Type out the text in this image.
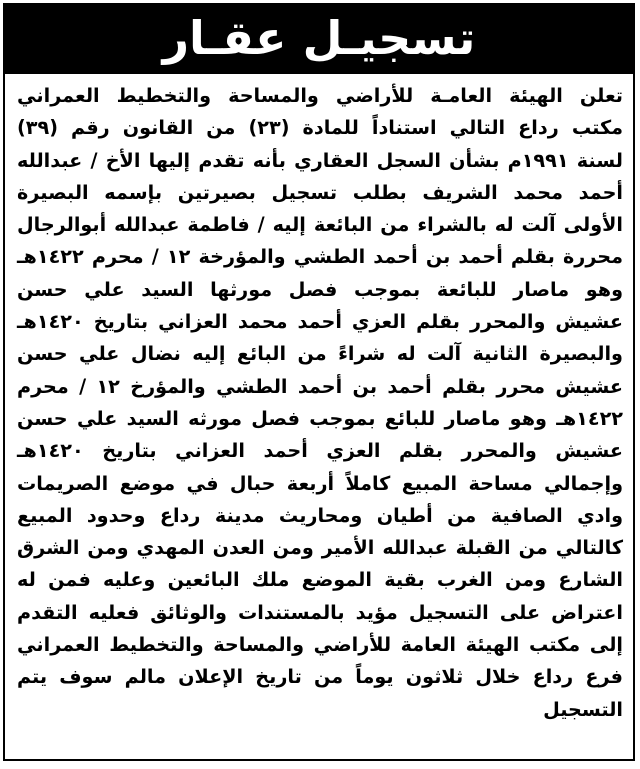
تسجيـل عقـار
تعلن الهيئة العامـة للأراضي والمساحة والتخطيط العمراني مكتب رداع التالي استناداً للمادة (٢٣) من القانون رقم (٣٩) لسنة ١٩٩١م بشأن السجل العقاري بأنه تقدم إليها الأخ / عبدالله أحمد محمد الشريف بطلب تسجيل بصيرتين بإسمه البصيرة الأولى آلت له بالشراء من البائعة إليه / فاطمة عبدالله أبوالرجال محررة بقلم أحمد بن أحمد الطشي والمؤرخة ١٢ / محرم ١٤٢٢هـ وهو ماصار للبائعة بموجب فصل مورثها السيد علي حسن عشيش والمحرر بقلم العزي أحمد محمد العزاني بتاريخ ١٤٢٠هـ والبصيرة الثانية آلت له شراءً من البائع إليه نضال علي حسن عشيش محرر بقلم أحمد بن أحمد الطشي والمؤرخ ١٢ / محرم ١٤٢٢هـ وهو ماصار للبائع بموجب فصل مورثه السيد علي حسن عشيش والمحرر بقلم العزي أحمد العزاني بتاريخ ١٤٢٠هـ وإجمالي مساحة المبيع كاملاً أربعة حبال في موضع الصريمات وادي الصافية من أطيان ومحاريث مدينة رداع وحدود المبيع كالتالي من القبلة عبدالله الأمير ومن العدن المهدي ومن الشرق الشارع ومن الغرب بقية الموضع ملك البائعين وعليه فمن له اعتراض على التسجيل مؤيد بالمستندات والوثائق فعليه التقدم إلى مكتب الهيئة العامة للأراضي والمساحة والتخطيط العمراني فرع رداع خلال ثلاثون يوماً من تاريخ الإعلان مالم سوف يتم التسجيل
